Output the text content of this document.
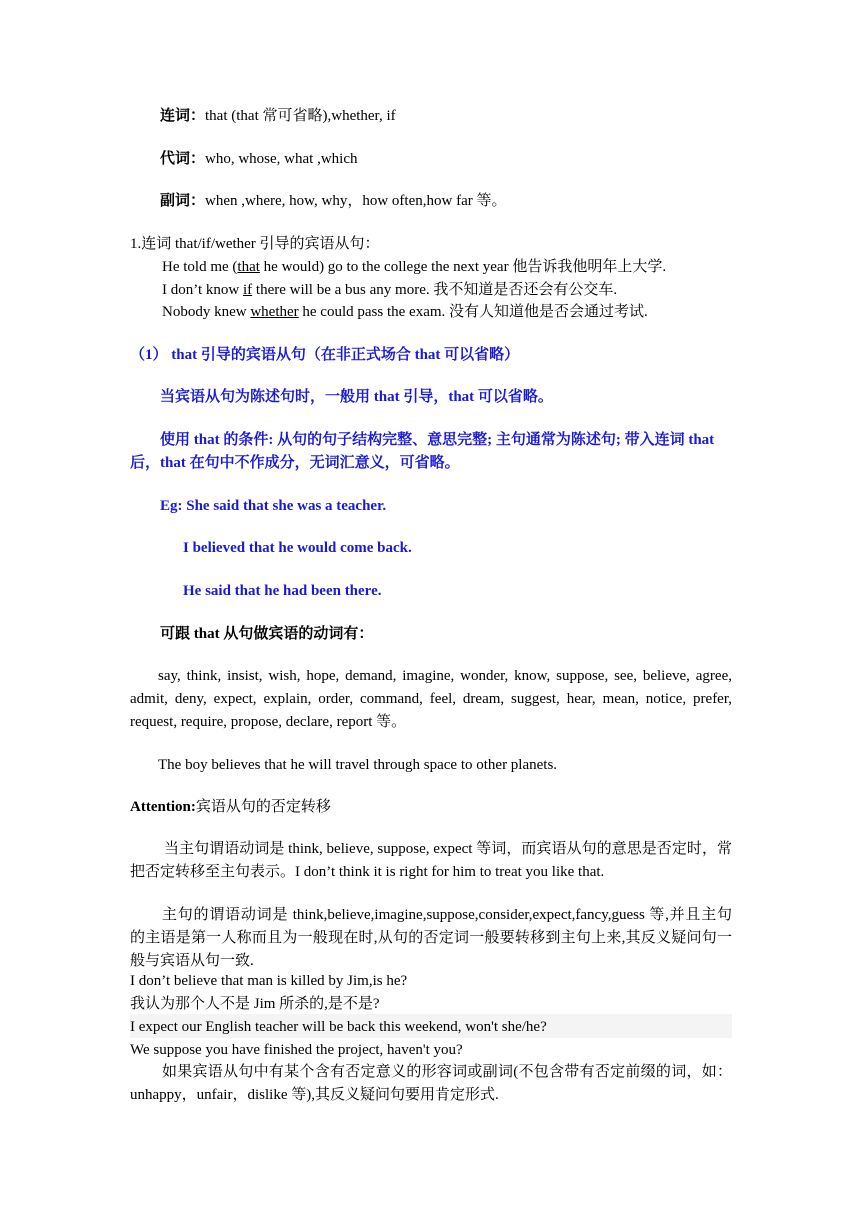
连词：that (that 常可省略),whether, if
代词：who, whose, what ,which
副词：when ,where, how, why，how often,how far 等。
1.连词 that/if/wether 引导的宾语从句：
He told me (that he would) go to the college the next year 他告诉我他明年上大学.
I don’t know if there will be a bus any more. 我不知道是否还会有公交车.
Nobody knew whether he could pass the exam. 没有人知道他是否会通过考试.
（1） that 引导的宾语从句（在非正式场合 that 可以省略）
当宾语从句为陈述句时，一般用 that 引导，that 可以省略。
使用 that 的条件: 从句的句子结构完整、意思完整; 主句通常为陈述句; 带入连词 that
后，that 在句中不作成分，无词汇意义，可省略。
Eg: She said that she was a teacher.
I believed that he would come back.
He said that he had been there.
可跟 that 从句做宾语的动词有：
say, think, insist, wish, hope, demand, imagine, wonder, know, suppose, see, believe, agree, admit, deny, expect, explain, order, command, feel, dream, suggest, hear, mean, notice, prefer, request, require, propose, declare, report 等。
The boy believes that he will travel through space to other planets.
Attention:宾语从句的否定转移
当主句谓语动词是 think, believe, suppose, expect 等词，而宾语从句的意思是否定时，常把否定转移至主句表示。I don’t think it is right for him to treat you like that.
主句的谓语动词是 think,believe,imagine,suppose,consider,expect,fancy,guess 等,并且主句的主语是第一人称而且为一般现在时,从句的否定词一般要转移到主句上来,其反义疑问句一般与宾语从句一致.
I don’t believe that man is killed by Jim,is he?
我认为那个人不是 Jim 所杀的,是不是?
I expect our English teacher will be back this weekend, won't she/he?
We suppose you have finished the project, haven't you?
如果宾语从句中有某个含有否定意义的形容词或副词(不包含带有否定前缀的词，如：unhappy，unfair，dislike 等),其反义疑问句要用肯定形式.
